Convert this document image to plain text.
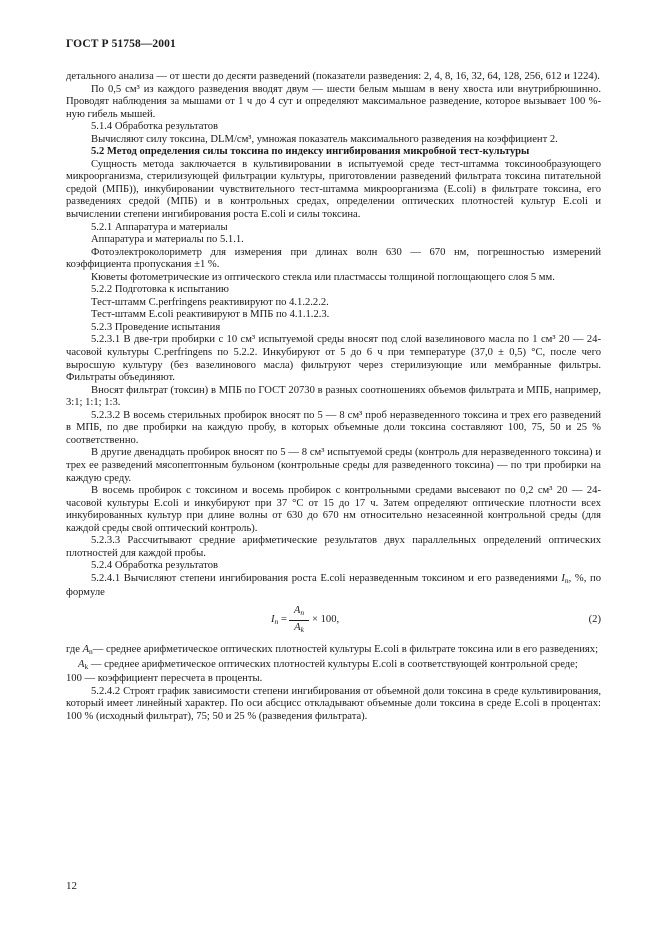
ГОСТ Р 51758—2001

детального анализа — от шести до десяти разведений (показатели разведения: 2, 4, 8, 16, 32, 64, 128, 256, 612 и 1224).

По 0,5 см³ из каждого разведения вводят двум — шести белым мышам в вену хвоста или внутрибрюшинно. Проводят наблюдения за мышами от 1 ч до 4 сут и определяют максимальное разведение, которое вызывает 100 %-ную гибель мышей.

5.1.4 Обработка результатов

Вычисляют силу токсина, DLM/см³, умножая показатель максимального разведения на коэффициент 2.

5.2 Метод определения силы токсина по индексу ингибирования микробной тест-культуры

Сущность метода заключается в культивировании в испытуемой среде тест-штамма токсинообразующего микроорганизма, стерилизующей фильтрации культуры, приготовлении разведений фильтрата токсина питательной средой (МПБ)), инкубировании чувствительного тест-штамма микроорганизма (E.coli) в фильтрате токсина, его разведениях средой (МПБ) и в контрольных средах, определении оптических плотностей культур E.coli и вычислении степени ингибирования роста E.coli и силы токсина.

5.2.1 Аппаратура и материалы

Аппаратура и материалы по 5.1.1.

Фотоэлектроколориметр для измерения при длинах волн 630 — 670 нм, погрешностью измерений коэффициента пропускания ±1 %.

Кюветы фотометрические из оптического стекла или пластмассы толщиной поглощающего слоя 5 мм.

5.2.2 Подготовка к испытанию

Тест-штамм C.perfringens реактивируют по 4.1.2.2.2.

Тест-штамм E.coli реактивируют в МПБ по 4.1.1.2.3.

5.2.3 Проведение испытания

5.2.3.1 В две-три пробирки с 10 см³ испытуемой среды вносят под слой вазелинового масла по 1 см³ 20 — 24-часовой культуры C.perfringens по 5.2.2. Инкубируют от 5 до 6 ч при температуре (37,0 ± 0,5) °С, после чего выросшую культуру (без вазелинового масла) фильтруют через стерилизующие или мембранные фильтры. Фильтраты объединяют.

Вносят фильтрат (токсин) в МПБ по ГОСТ 20730 в разных соотношениях объемов фильтрата и МПБ, например, 3:1; 1:1; 1:3.

5.2.3.2 В восемь стерильных пробирок вносят по 5 — 8 см³ проб неразведенного токсина и трех его разведений в МПБ, по две пробирки на каждую пробу, в которых объемные доли токсина составляют 100, 75, 50 и 25 % соответственно.

В другие двенадцать пробирок вносят по 5 — 8 см³ испытуемой среды (контроль для неразведенного токсина) и трех ее разведений мясопептонным бульоном (контрольные среды для разведенного токсина) — по три пробирки на каждую среду.

В восемь пробирок с токсином и восемь пробирок с контрольными средами высевают по 0,2 см³ 20 — 24-часовой культуры E.coli и инкубируют при 37 °С от 15 до 17 ч. Затем определяют оптические плотности всех инкубированных культур при длине волны от 630 до 670 нм относительно незасеянной контрольной среды (для каждой среды свой оптический контроль).

5.2.3.3 Рассчитывают средние арифметические результатов двух параллельных определений оптических плотностей для каждой пробы.

5.2.4 Обработка результатов

5.2.4.1 Вычисляют степени ингибирования роста E.coli неразведенным токсином и его разведениями $I_n$, %, по формуле

$I_n = \frac{A_n}{A_k} \times 100$,	(2)

где $A_n—$ среднее арифметическое оптических плотностей культуры E.coli в фильтрате токсина или в его разведениях;

$A_k$ — среднее арифметическое оптических плотностей культуры E.coli в соответствующей контрольной среде;

100 — коэффициент пересчета в проценты.

5.2.4.2 Строят график зависимости степени ингибирования от объемной доли токсина в среде культивирования, который имеет линейный характер. По оси абсцисс откладывают объемные доли токсина в среде E.coli в процентах: 100 % (исходный фильтрат), 75; 50 и 25 % (разведения фильтрата).

12
